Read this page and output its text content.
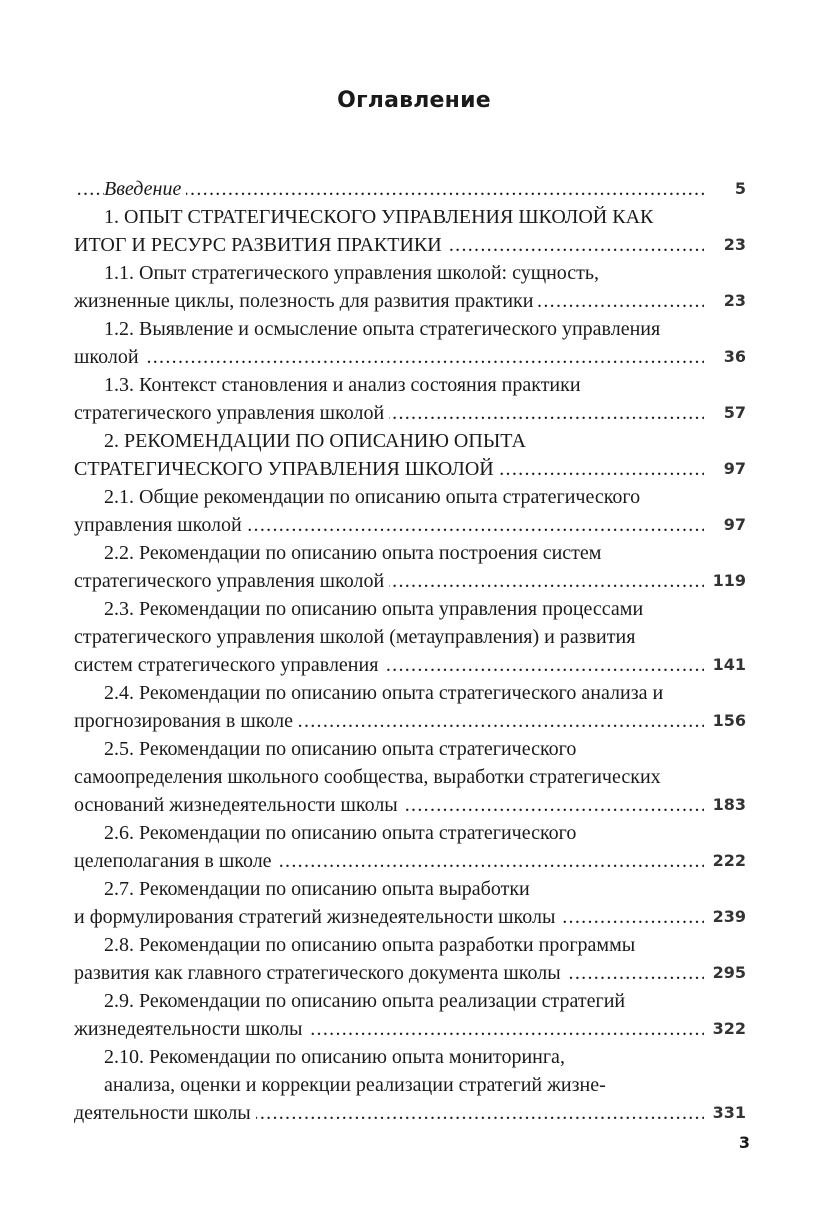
Оглавление
Введение . . .	5
1. ОПЫТ СТРАТЕГИЧЕСКОГО УПРАВЛЕНИЯ ШКОЛОЙ КАК
ИТОГ И РЕСУРС РАЗВИТИЯ ПРАКТИКИ . . .	23
1.1. Опыт стратегического управления школой: сущность,
жизненные циклы, полезность для развития практики . . .	23
1.2. Выявление и осмысление опыта стратегического управления
школой . . .	36
1.3. Контекст становления и анализ состояния практики
стратегического управления школой . . .	57
2. РЕКОМЕНДАЦИИ ПО ОПИСАНИЮ ОПЫТА
СТРАТЕГИЧЕСКОГО УПРАВЛЕНИЯ ШКОЛОЙ . . .	97
2.1. Общие рекомендации по описанию опыта стратегического
управления школой . . .	97
2.2. Рекомендации по описанию опыта построения систем
стратегического управления школой . . .	119
2.3. Рекомендации по описанию опыта управления процессами
стратегического управления школой (метауправления) и развития
систем стратегического управления . . .	141
2.4. Рекомендации по описанию опыта стратегического анализа и
прогнозирования в школе . . .	156
2.5. Рекомендации по описанию опыта стратегического
самоопределения школьного сообщества, выработки стратегических
оснований жизнедеятельности школы . . .	183
2.6. Рекомендации по описанию опыта стратегического
целеполагания в школе . . .	222
2.7. Рекомендации по описанию опыта выработки
и формулирования стратегий жизнедеятельности школы . . .	239
2.8. Рекомендации по описанию опыта разработки программы
развития как главного стратегического документа школы . . .	295
2.9. Рекомендации по описанию опыта реализации стратегий
жизнедеятельности школы . . .	322
2.10. Рекомендации по описанию опыта мониторинга,
анализа, оценки и коррекции реализации стратегий жизне-
деятельности школы . . .	331
3
